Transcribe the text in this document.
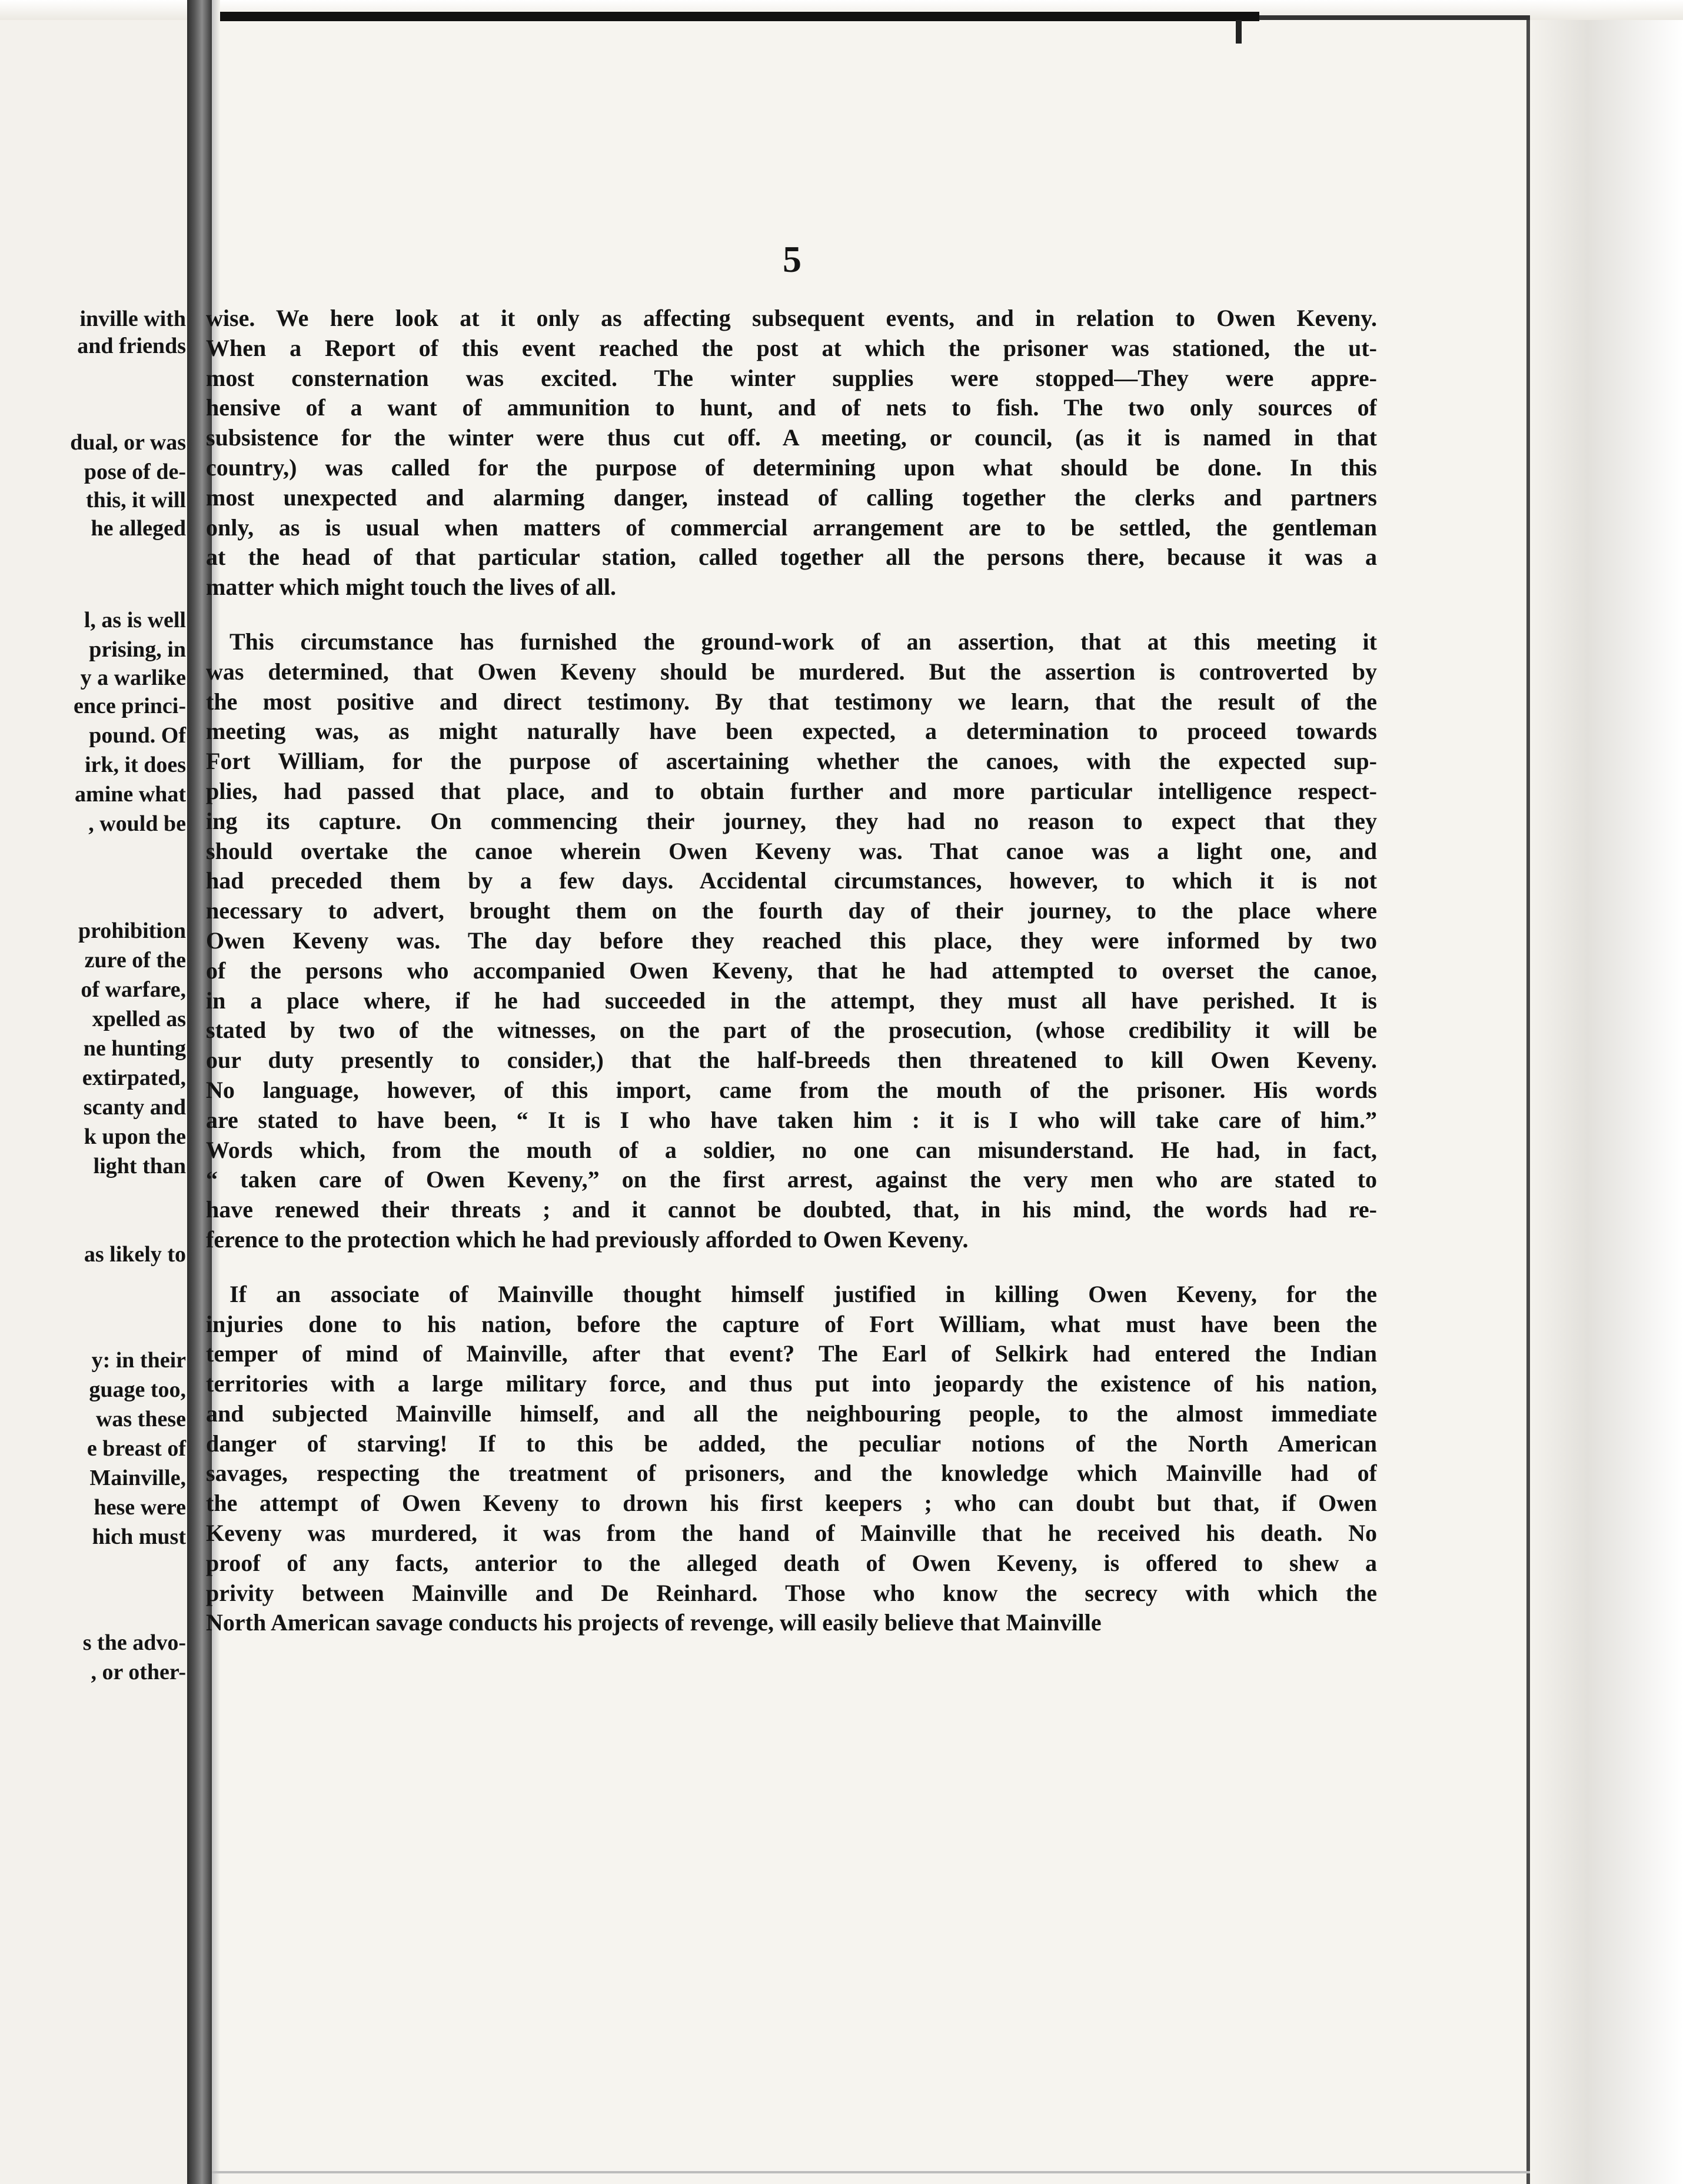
inville with
and friends
dual, or was
pose of de-
this, it will
he alleged
l, as is well
prising, in
y a warlike
ence princi-
pound. Of
irk, it does
amine what
, would be
prohibition
zure of the
of warfare,
xpelled as
ne hunting
extirpated,
scanty and
k upon the
light than
as likely to
y: in their
guage too,
was these
e breast of
Mainville,
hese were
hich must
s the advo-
, or other-
5
wise. We here look at it only as affecting subsequent events, and in relation to Owen Keveny.
When a Report of this event reached the post at which the prisoner was stationed, the ut-
most consternation was excited. The winter supplies were stopped—They were appre-
hensive of a want of ammunition to hunt, and of nets to fish. The two only sources of
subsistence for the winter were thus cut off. A meeting, or council, (as it is named in that
country,) was called for the purpose of determining upon what should be done. In this
most unexpected and alarming danger, instead of calling together the clerks and partners
only, as is usual when matters of commercial arrangement are to be settled, the gentleman
at the head of that particular station, called together all the persons there, because it was a
matter which might touch the lives of all.
This circumstance has furnished the ground-work of an assertion, that at this meeting it
was determined, that Owen Keveny should be murdered. But the assertion is controverted by
the most positive and direct testimony. By that testimony we learn, that the result of the
meeting was, as might naturally have been expected, a determination to proceed towards
Fort William, for the purpose of ascertaining whether the canoes, with the expected sup-
plies, had passed that place, and to obtain further and more particular intelligence respect-
ing its capture. On commencing their journey, they had no reason to expect that they
should overtake the canoe wherein Owen Keveny was. That canoe was a light one, and
had preceded them by a few days. Accidental circumstances, however, to which it is not
necessary to advert, brought them on the fourth day of their journey, to the place where
Owen Keveny was. The day before they reached this place, they were informed by two
of the persons who accompanied Owen Keveny, that he had attempted to overset the canoe,
in a place where, if he had succeeded in the attempt, they must all have perished. It is
stated by two of the witnesses, on the part of the prosecution, (whose credibility it will be
our duty presently to consider,) that the half-breeds then threatened to kill Owen Keveny.
No language, however, of this import, came from the mouth of the prisoner. His words
are stated to have been, “ It is I who have taken him : it is I who will take care of him.”
Words which, from the mouth of a soldier, no one can misunderstand. He had, in fact,
“ taken care of Owen Keveny,” on the first arrest, against the very men who are stated to
have renewed their threats ; and it cannot be doubted, that, in his mind, the words had re-
ference to the protection which he had previously afforded to Owen Keveny.
If an associate of Mainville thought himself justified in killing Owen Keveny, for the
injuries done to his nation, before the capture of Fort William, what must have been the
temper of mind of Mainville, after that event? The Earl of Selkirk had entered the Indian
territories with a large military force, and thus put into jeopardy the existence of his nation,
and subjected Mainville himself, and all the neighbouring people, to the almost immediate
danger of starving! If to this be added, the peculiar notions of the North American
savages, respecting the treatment of prisoners, and the knowledge which Mainville had of
the attempt of Owen Keveny to drown his first keepers ; who can doubt but that, if Owen
Keveny was murdered, it was from the hand of Mainville that he received his death. No
proof of any facts, anterior to the alleged death of Owen Keveny, is offered to shew a
privity between Mainville and De Reinhard. Those who know the secrecy with which the
North American savage conducts his projects of revenge, will easily believe that Mainville
